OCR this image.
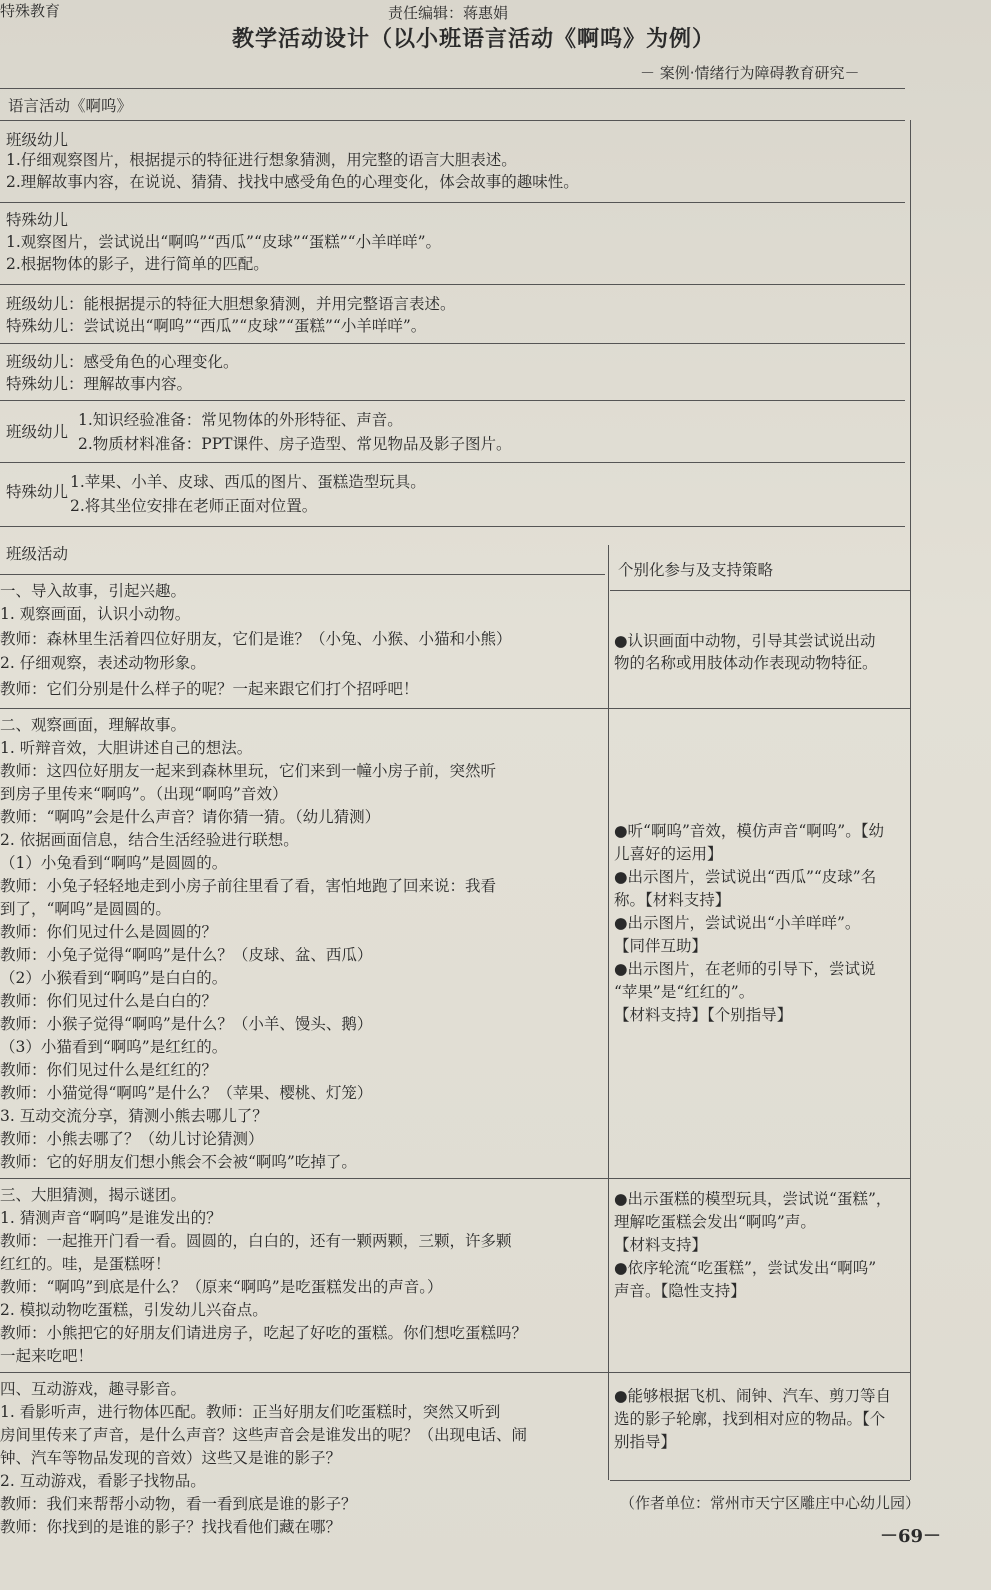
特殊教育	责任编辑：蒋惠娟
教学活动设计（以小班语言活动《啊呜》为例）
－ 案例·情绪行为障碍教育研究－
语言活动《啊呜》
班级幼儿
1.仔细观察图片，根据提示的特征进行想象猜测，用完整的语言大胆表述。
2.理解故事内容，在说说、猜猜、找找中感受角色的心理变化，体会故事的趣味性。
特殊幼儿
1.观察图片，尝试说出“啊呜”“西瓜”“皮球”“蛋糕”“小羊咩咩”。
2.根据物体的影子，进行简单的匹配。
班级幼儿：能根据提示的特征大胆想象猜测，并用完整语言表述。
特殊幼儿：尝试说出“啊呜”“西瓜”“皮球”“蛋糕”“小羊咩咩”。
班级幼儿：感受角色的心理变化。
特殊幼儿：理解故事内容。
班级幼儿
1.知识经验准备：常见物体的外形特征、声音。
2.物质材料准备：PPT课件、房子造型、常见物品及影子图片。
特殊幼儿
1.苹果、小羊、皮球、西瓜的图片、蛋糕造型玩具。
2.将其坐位安排在老师正面对位置。
班级活动
个别化参与及支持策略
一、导入故事，引起兴趣。
1. 观察画面，认识小动物。
教师：森林里生活着四位好朋友，它们是谁？（小兔、小猴、小猫和小熊）
2. 仔细观察，表述动物形象。
教师：它们分别是什么样子的呢？一起来跟它们打个招呼吧！
●认识画面中动物，引导其尝试说出动
物的名称或用肢体动作表现动物特征。
二、观察画面，理解故事。
1. 听辩音效，大胆讲述自己的想法。
教师：这四位好朋友一起来到森林里玩，它们来到一幢小房子前，突然听
到房子里传来“啊呜”。（出现“啊呜”音效）
教师：“啊呜”会是什么声音？请你猜一猜。（幼儿猜测）
2. 依据画面信息，结合生活经验进行联想。
（1）小兔看到“啊呜”是圆圆的。
教师：小兔子轻轻地走到小房子前往里看了看，害怕地跑了回来说：我看
到了，“啊呜”是圆圆的。
教师：你们见过什么是圆圆的？
教师：小兔子觉得“啊呜”是什么？（皮球、盆、西瓜）
（2）小猴看到“啊呜”是白白的。
教师：你们见过什么是白白的？
教师：小猴子觉得“啊呜”是什么？（小羊、馒头、鹅）
（3）小猫看到“啊呜”是红红的。
教师：你们见过什么是红红的？
教师：小猫觉得“啊呜”是什么？（苹果、樱桃、灯笼）
3. 互动交流分享，猜测小熊去哪儿了？
教师：小熊去哪了？（幼儿讨论猜测）
教师：它的好朋友们想小熊会不会被“啊呜”吃掉了。
●听“啊呜”音效，模仿声音“啊呜”。【幼
儿喜好的运用】
●出示图片，尝试说出“西瓜”“皮球”名
称。【材料支持】
●出示图片，尝试说出“小羊咩咩”。
【同伴互助】
●出示图片，在老师的引导下，尝试说
“苹果”是“红红的”。
【材料支持】【个别指导】
三、大胆猜测，揭示谜团。
1. 猜测声音“啊呜”是谁发出的？
教师：一起推开门看一看。圆圆的，白白的，还有一颗两颗，三颗，许多颗
红红的。哇，是蛋糕呀！
教师：“啊呜”到底是什么？（原来“啊呜”是吃蛋糕发出的声音。）
2. 模拟动物吃蛋糕，引发幼儿兴奋点。
教师：小熊把它的好朋友们请进房子，吃起了好吃的蛋糕。你们想吃蛋糕吗？
一起来吃吧！
●出示蛋糕的模型玩具，尝试说“蛋糕”，
理解吃蛋糕会发出“啊呜”声。
【材料支持】
●依序轮流“吃蛋糕”，尝试发出“啊呜”
声音。【隐性支持】
四、互动游戏，趣寻影音。
1. 看影听声，进行物体匹配。教师：正当好朋友们吃蛋糕时，突然又听到
房间里传来了声音，是什么声音？这些声音会是谁发出的呢？（出现电话、闹
钟、汽车等物品发现的音效）这些又是谁的影子？
2. 互动游戏，看影子找物品。
教师：我们来帮帮小动物，看一看到底是谁的影子？
教师：你找到的是谁的影子？找找看他们藏在哪？
●能够根据飞机、闹钟、汽车、剪刀等自
选的影子轮廓，找到相对应的物品。【个
别指导】
（作者单位：常州市天宁区雕庄中心幼儿园）
－69－
